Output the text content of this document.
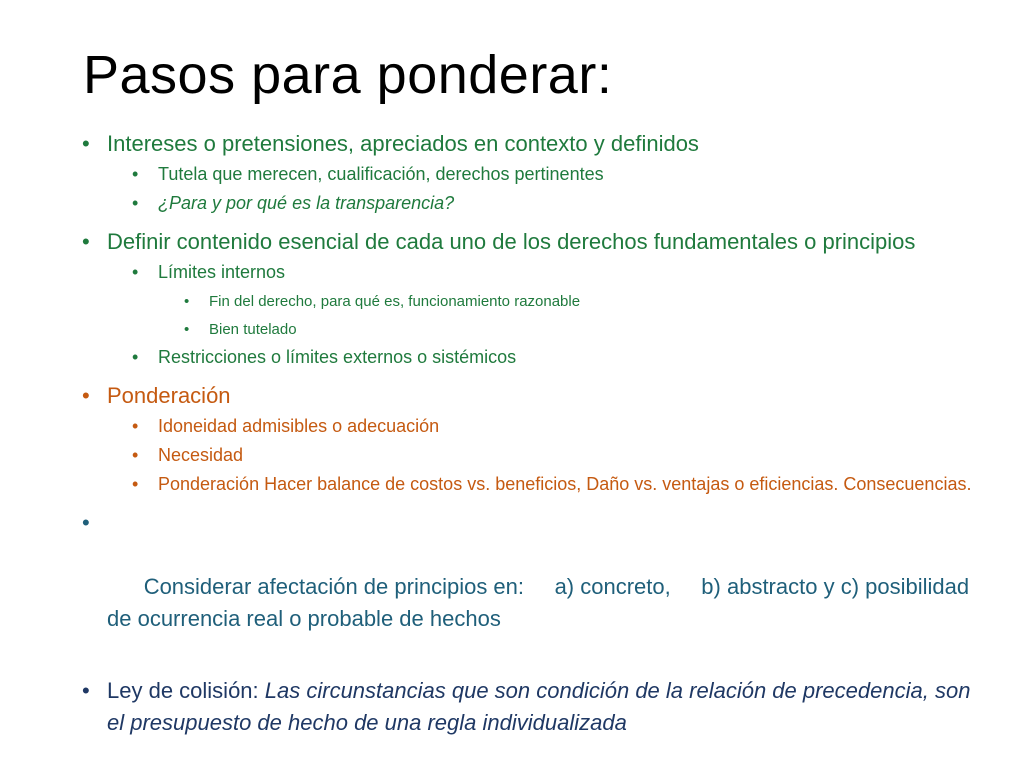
Pasos para ponderar:
• Intereses o pretensiones, apreciados en contexto y definidos
• Tutela que merecen, cualificación, derechos pertinentes
• ¿Para y por qué es la transparencia?
• Definir contenido esencial de cada uno de los derechos fundamentales o principios
• Límites internos
• Fin del derecho, para qué es, funcionamiento razonable
• Bien tutelado
• Restricciones o límites externos o sistémicos
• Ponderación
• Idoneidad admisibles o adecuación
• Necesidad
• Ponderación Hacer balance de costos vs. beneficios, Daño vs. ventajas o eficiencias. Consecuencias.

•

Considerar afectación de principios en:     a) concreto,     b) abstracto y c) posibilidad de ocurrencia real o probable de hechos

• Ley de colisión: Las circunstancias que son condición de la relación de precedencia, son el presupuesto de hecho de una regla individualizada
